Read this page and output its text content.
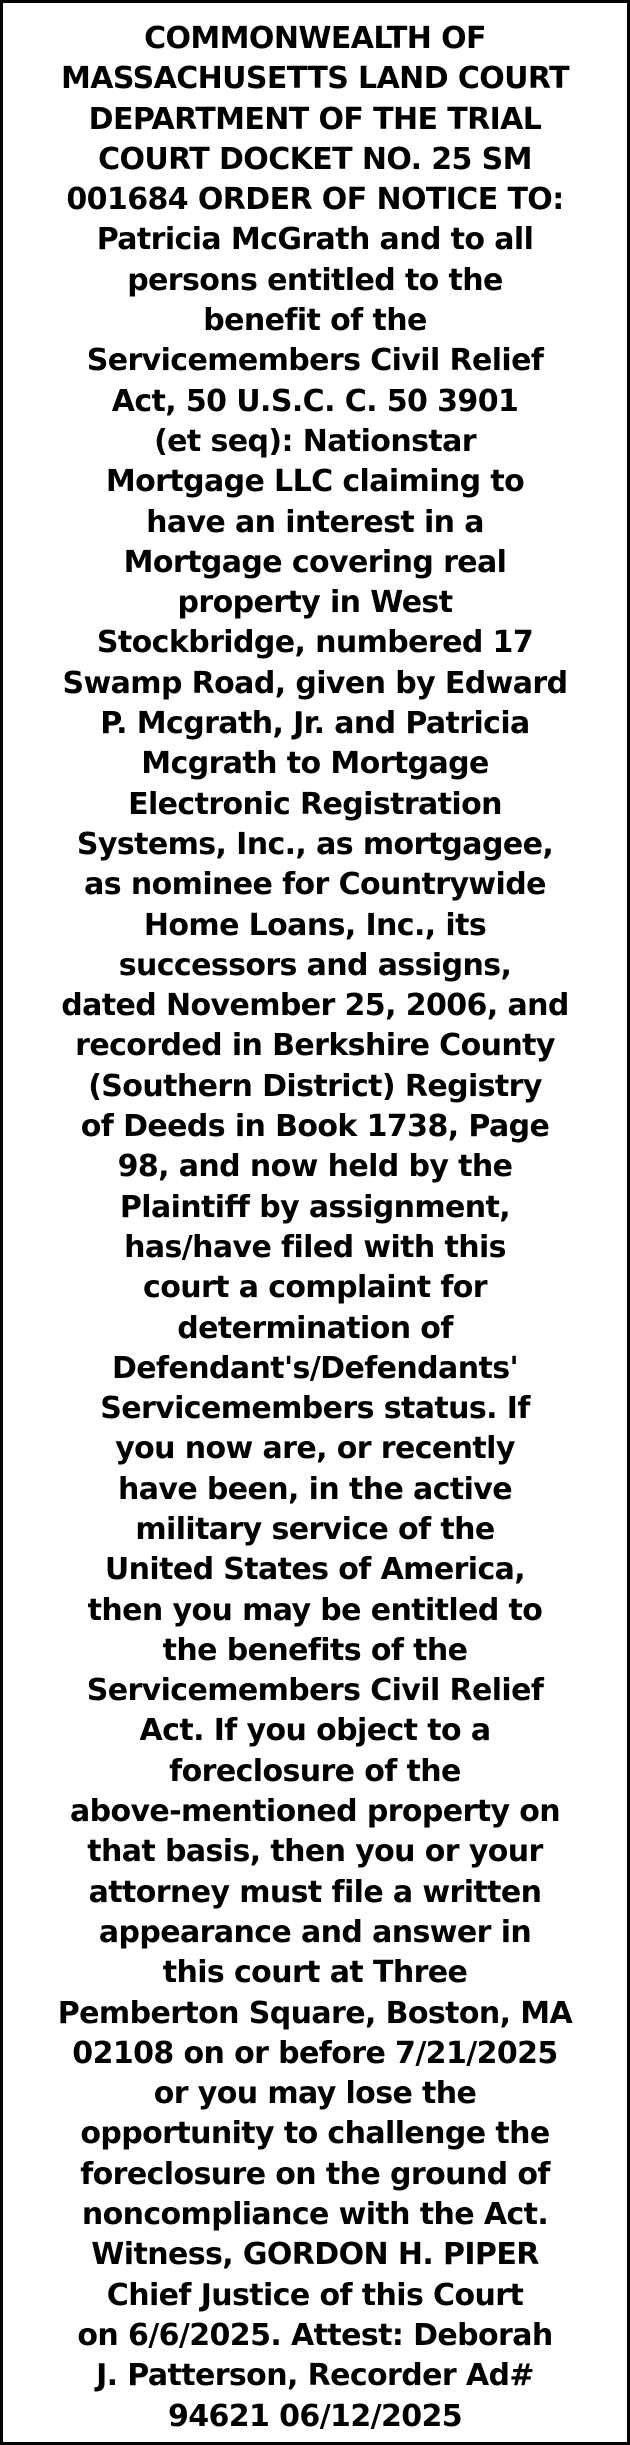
COMMONWEALTH OF
MASSACHUSETTS LAND COURT
DEPARTMENT OF THE TRIAL
COURT DOCKET NO. 25 SM
001684 ORDER OF NOTICE TO:
Patricia McGrath and to all
persons entitled to the
benefit of the
Servicemembers Civil Relief
Act, 50 U.S.C. C. 50 3901
(et seq): Nationstar
Mortgage LLC claiming to
have an interest in a
Mortgage covering real
property in West
Stockbridge, numbered 17
Swamp Road, given by Edward
P. Mcgrath, Jr. and Patricia
Mcgrath to Mortgage
Electronic Registration
Systems, Inc., as mortgagee,
as nominee for Countrywide
Home Loans, Inc., its
successors and assigns,
dated November 25, 2006, and
recorded in Berkshire County
(Southern District) Registry
of Deeds in Book 1738, Page
98, and now held by the
Plaintiff by assignment,
has/have filed with this
court a complaint for
determination of
Defendant's/Defendants'
Servicemembers status. If
you now are, or recently
have been, in the active
military service of the
United States of America,
then you may be entitled to
the benefits of the
Servicemembers Civil Relief
Act. If you object to a
foreclosure of the
above-mentioned property on
that basis, then you or your
attorney must file a written
appearance and answer in
this court at Three
Pemberton Square, Boston, MA
02108 on or before 7/21/2025
or you may lose the
opportunity to challenge the
foreclosure on the ground of
noncompliance with the Act.
Witness, GORDON H. PIPER
Chief Justice of this Court
on 6/6/2025. Attest: Deborah
J. Patterson, Recorder Ad#
94621 06/12/2025
